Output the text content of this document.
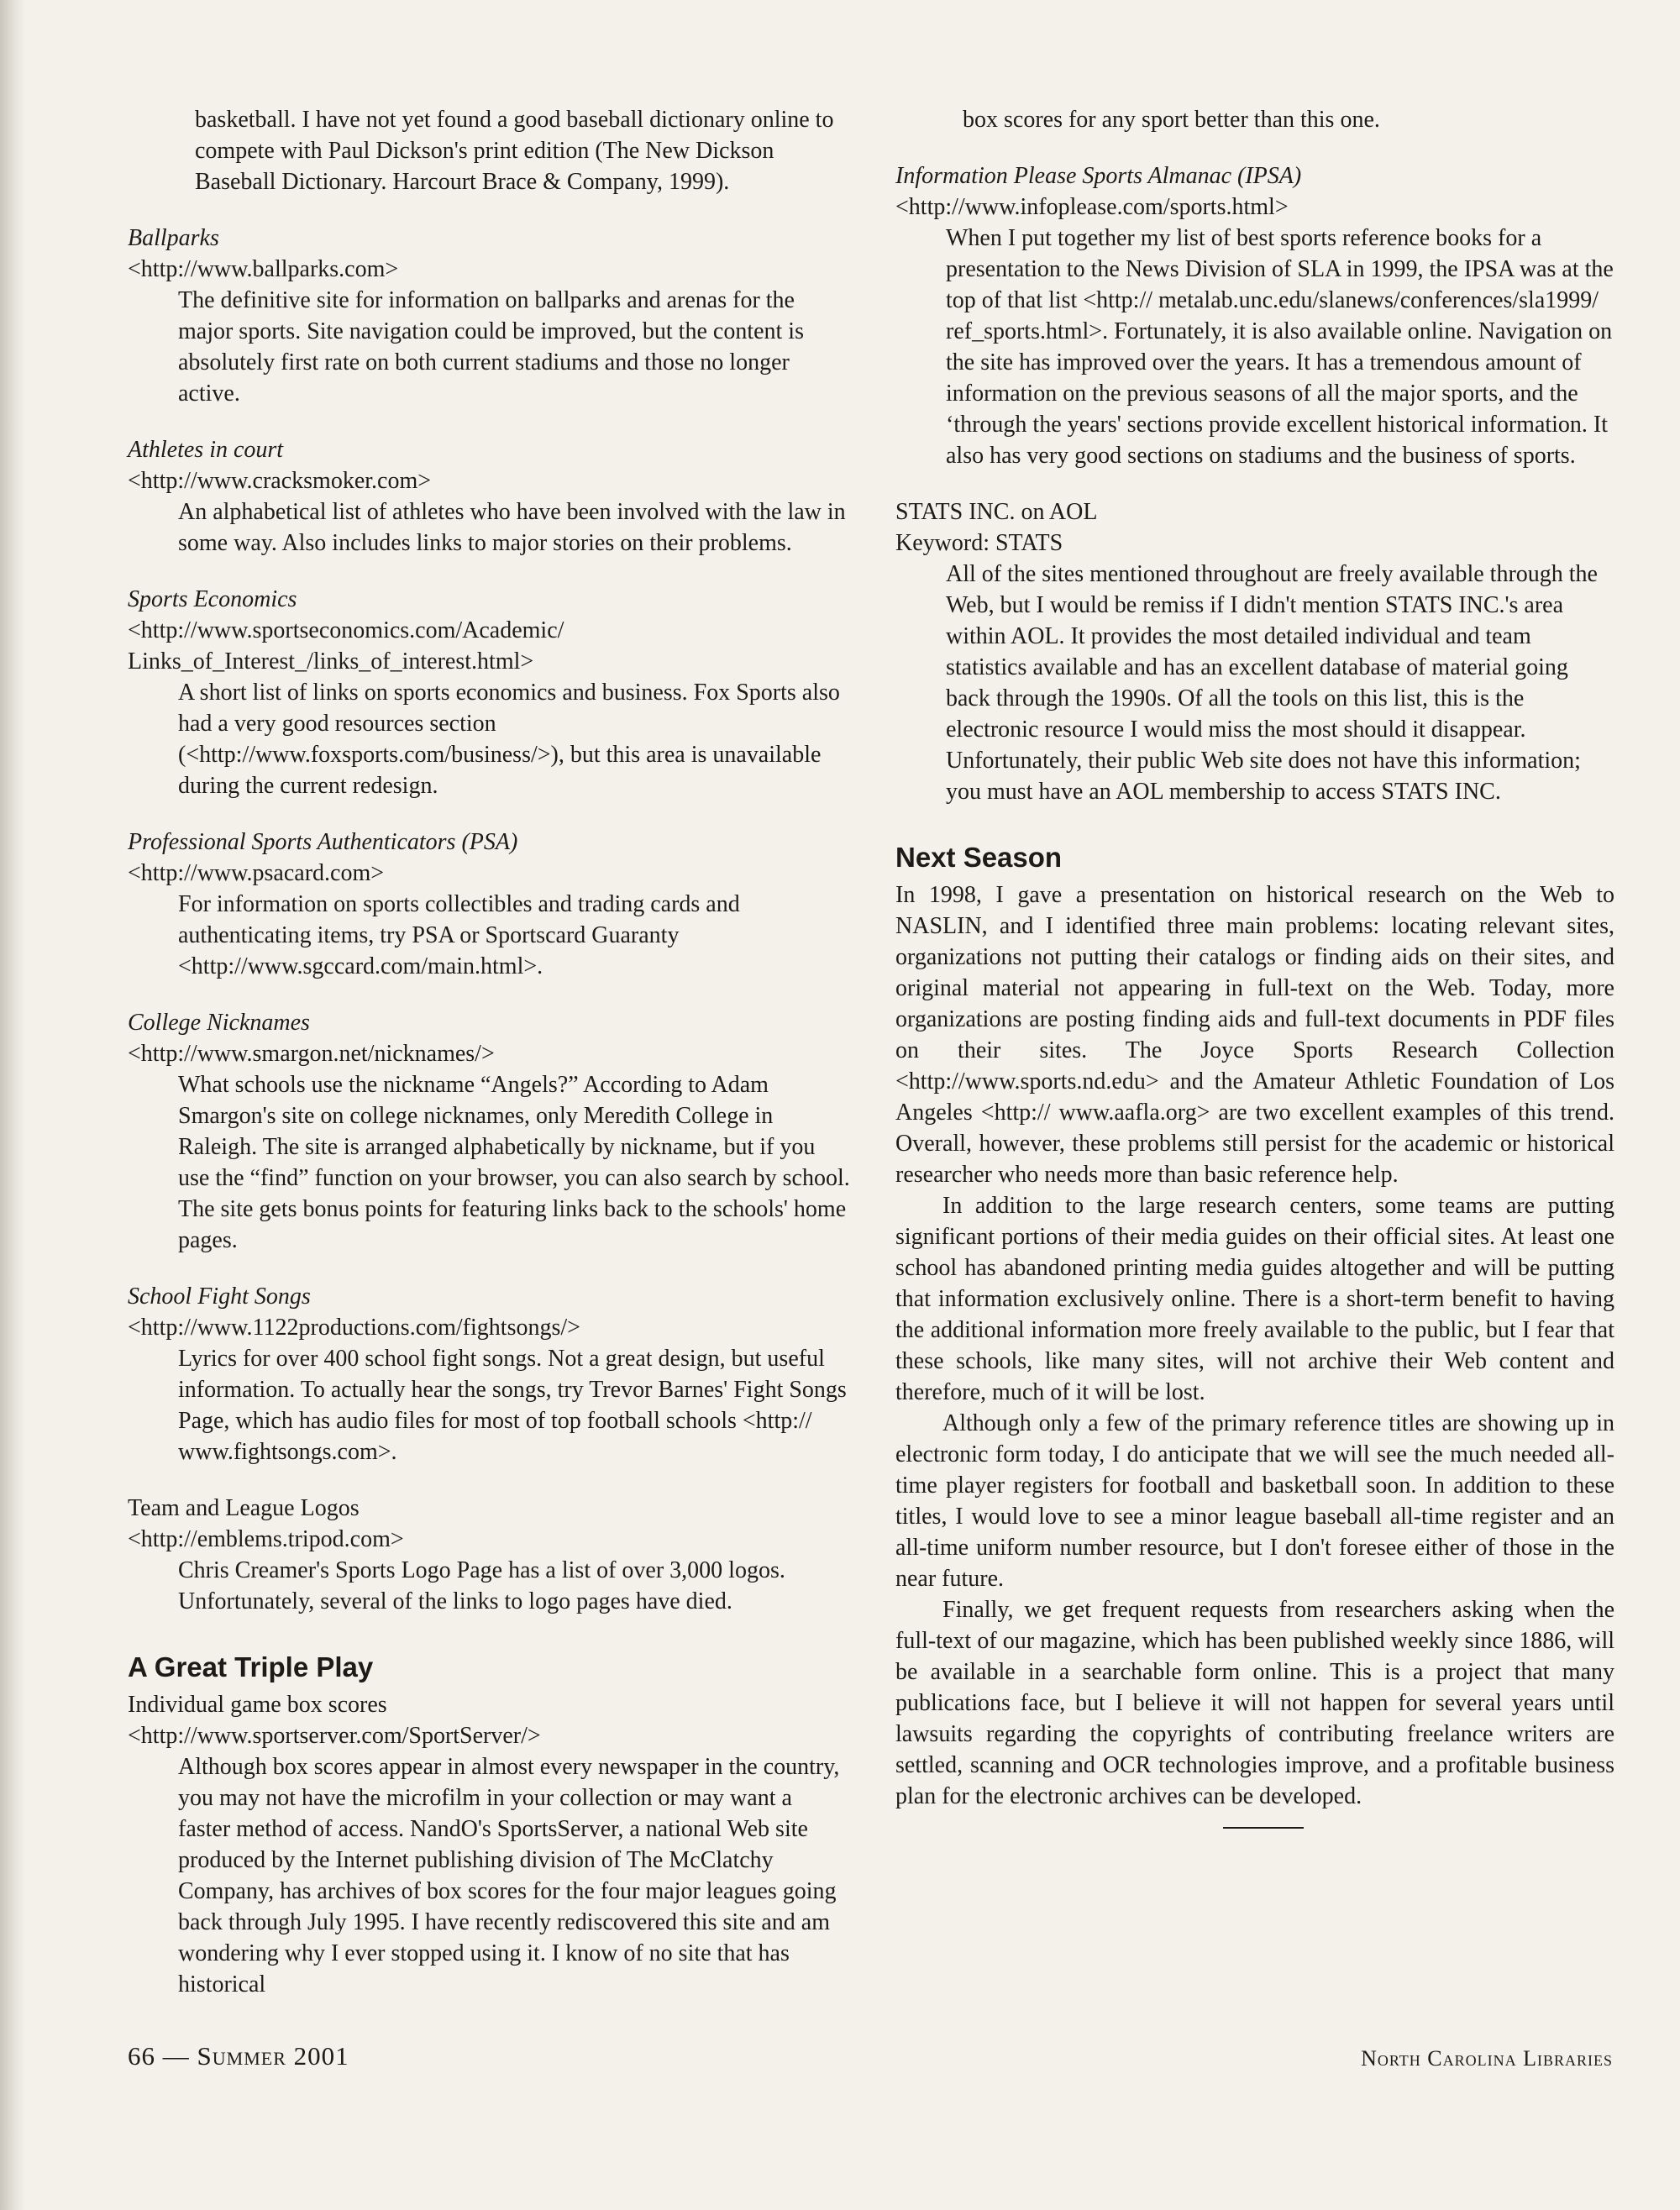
basketball. I have not yet found a good baseball dictionary online to compete with Paul Dickson's print edition (The New Dickson Baseball Dictionary. Harcourt Brace & Company, 1999).
Ballparks
<http://www.ballparks.com>
The definitive site for information on ballparks and arenas for the major sports. Site navigation could be improved, but the content is absolutely first rate on both current stadiums and those no longer active.
Athletes in court
<http://www.cracksmoker.com>
An alphabetical list of athletes who have been involved with the law in some way. Also includes links to major stories on their problems.
Sports Economics
<http://www.sportseconomics.com/Academic/ Links_of_Interest_/links_of_interest.html>
A short list of links on sports economics and business. Fox Sports also had a very good resources section (<http://www.foxsports.com/business/>), but this area is unavailable during the current redesign.
Professional Sports Authenticators (PSA)
<http://www.psacard.com>
For information on sports collectibles and trading cards and authenticating items, try PSA or Sportscard Guaranty <http://www.sgccard.com/main.html>.
College Nicknames
<http://www.smargon.net/nicknames/>
What schools use the nickname “Angels?” According to Adam Smargon's site on college nicknames, only Meredith College in Raleigh. The site is arranged alphabetically by nickname, but if you use the “find” function on your browser, you can also search by school. The site gets bonus points for featuring links back to the schools' home pages.
School Fight Songs
<http://www.1122productions.com/fightsongs/>
Lyrics for over 400 school fight songs. Not a great design, but useful information. To actually hear the songs, try Trevor Barnes' Fight Songs Page, which has audio files for most of top football schools <http:// www.fightsongs.com>.
Team and League Logos
<http://emblems.tripod.com>
Chris Creamer's Sports Logo Page has a list of over 3,000 logos. Unfortunately, several of the links to logo pages have died.
A Great Triple Play
Individual game box scores
<http://www.sportserver.com/SportServer/>
Although box scores appear in almost every newspaper in the country, you may not have the microfilm in your collection or may want a faster method of access. NandO's SportsServer, a national Web site produced by the Internet publishing division of The McClatchy Company, has archives of box scores for the four major leagues going back through July 1995. I have recently rediscovered this site and am wondering why I ever stopped using it. I know of no site that has historical
box scores for any sport better than this one.
Information Please Sports Almanac (IPSA)
<http://www.infoplease.com/sports.html>
When I put together my list of best sports reference books for a presentation to the News Division of SLA in 1999, the IPSA was at the top of that list <http:// metalab.unc.edu/slanews/conferences/sla1999/ ref_sports.html>. Fortunately, it is also available online. Navigation on the site has improved over the years. It has a tremendous amount of information on the previous seasons of all the major sports, and the ‘through the years' sections provide excellent historical information. It also has very good sections on stadiums and the business of sports.
STATS INC. on AOL
Keyword: STATS
All of the sites mentioned throughout are freely available through the Web, but I would be remiss if I didn't mention STATS INC.'s area within AOL. It provides the most detailed individual and team statistics available and has an excellent database of material going back through the 1990s. Of all the tools on this list, this is the electronic resource I would miss the most should it disappear. Unfortunately, their public Web site does not have this information; you must have an AOL membership to access STATS INC.
Next Season

In 1998, I gave a presentation on historical research on the Web to NASLIN, and I identified three main problems: locating relevant sites, organizations not putting their catalogs or finding aids on their sites, and original material not appearing in full-text on the Web. Today, more organizations are posting finding aids and full-text documents in PDF files on their sites. The Joyce Sports Research Collection <http://www.sports.nd.edu> and the Amateur Athletic Foundation of Los Angeles <http:// www.aafla.org> are two excellent examples of this trend. Overall, however, these problems still persist for the academic or historical researcher who needs more than basic reference help.

In addition to the large research centers, some teams are putting significant portions of their media guides on their official sites. At least one school has abandoned printing media guides altogether and will be putting that information exclusively online. There is a short-term benefit to having the additional information more freely available to the public, but I fear that these schools, like many sites, will not archive their Web content and therefore, much of it will be lost.

Although only a few of the primary reference titles are showing up in electronic form today, I do anticipate that we will see the much needed all-time player registers for football and basketball soon. In addition to these titles, I would love to see a minor league baseball all-time register and an all-time uniform number resource, but I don't foresee either of those in the near future.

Finally, we get frequent requests from researchers asking when the full-text of our magazine, which has been published weekly since 1886, will be available in a searchable form online. This is a project that many publications face, but I believe it will not happen for several years until lawsuits regarding the copyrights of contributing freelance writers are settled, scanning and OCR technologies improve, and a profitable business plan for the electronic archives can be developed.

66 — Summer 2001	North Carolina Libraries
